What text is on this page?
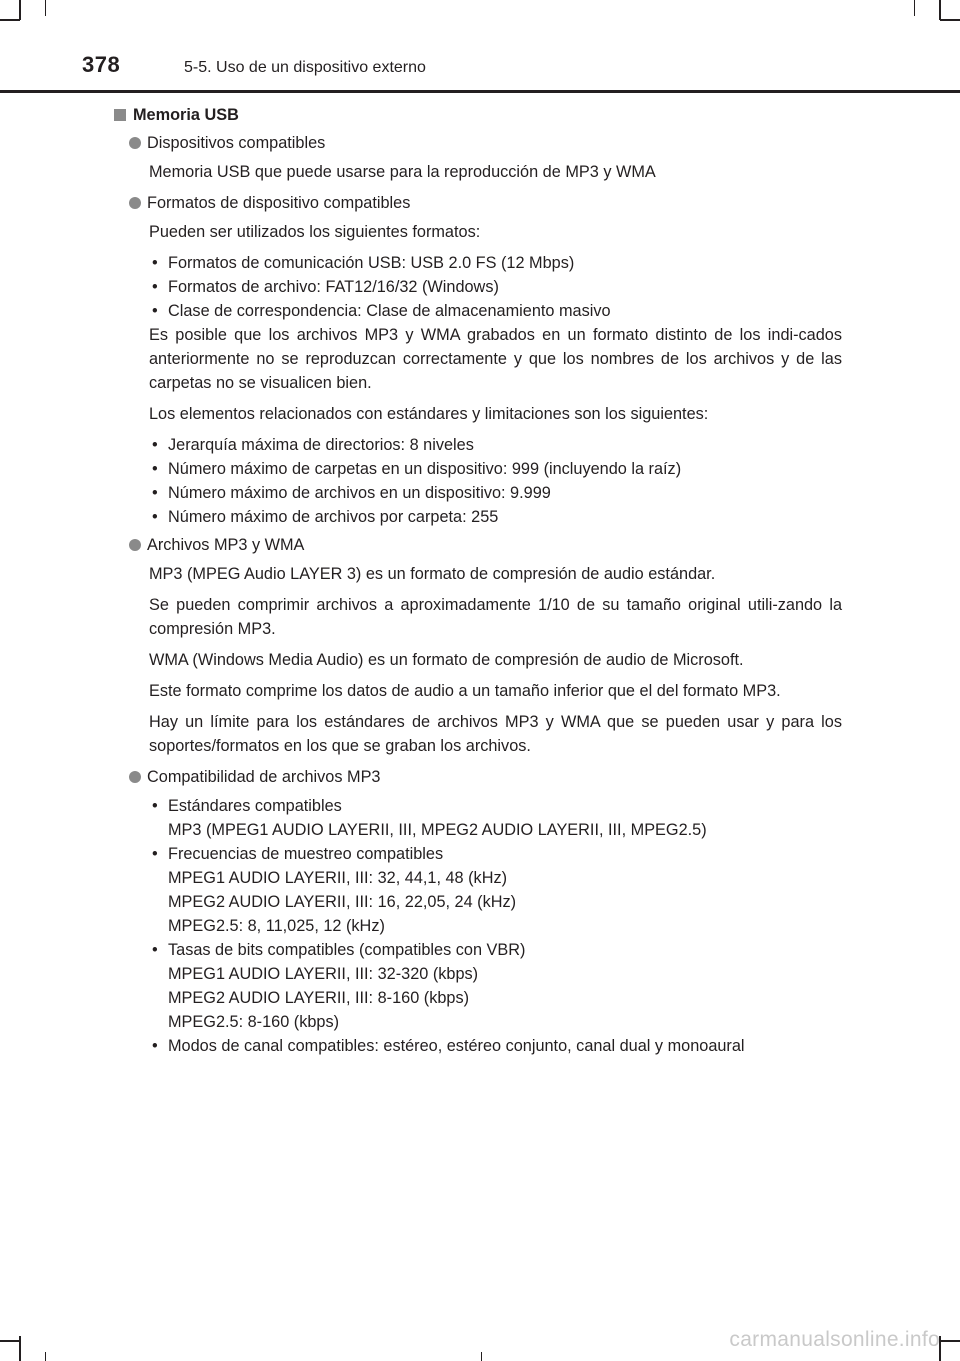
378	5-5. Uso de un dispositivo externo
Memoria USB
Dispositivos compatibles
Memoria USB que puede usarse para la reproducción de MP3 y WMA
Formatos de dispositivo compatibles
Pueden ser utilizados los siguientes formatos:
• Formatos de comunicación USB: USB 2.0 FS (12 Mbps)
• Formatos de archivo: FAT12/16/32 (Windows)
• Clase de correspondencia: Clase de almacenamiento masivo
Es posible que los archivos MP3 y WMA grabados en un formato distinto de los indi-cados anteriormente no se reproduzcan correctamente y que los nombres de los archivos y de las carpetas no se visualicen bien.
Los elementos relacionados con estándares y limitaciones son los siguientes:
• Jerarquía máxima de directorios: 8 niveles
• Número máximo de carpetas en un dispositivo: 999 (incluyendo la raíz)
• Número máximo de archivos en un dispositivo: 9.999
• Número máximo de archivos por carpeta: 255
Archivos MP3 y WMA
MP3 (MPEG Audio LAYER 3) es un formato de compresión de audio estándar.
Se pueden comprimir archivos a aproximadamente 1/10 de su tamaño original utili-zando la compresión MP3.
WMA (Windows Media Audio) es un formato de compresión de audio de Microsoft.
Este formato comprime los datos de audio a un tamaño inferior que el del formato MP3.
Hay un límite para los estándares de archivos MP3 y WMA que se pueden usar y para los soportes/formatos en los que se graban los archivos.
Compatibilidad de archivos MP3
• Estándares compatibles
MP3 (MPEG1 AUDIO LAYERII, III, MPEG2 AUDIO LAYERII, III, MPEG2.5)
• Frecuencias de muestreo compatibles
MPEG1 AUDIO LAYERII, III: 32, 44,1, 48 (kHz)
MPEG2 AUDIO LAYERII, III: 16, 22,05, 24 (kHz)
MPEG2.5: 8, 11,025, 12 (kHz)
• Tasas de bits compatibles (compatibles con VBR)
MPEG1 AUDIO LAYERII, III: 32-320 (kbps)
MPEG2 AUDIO LAYERII, III: 8-160 (kbps)
MPEG2.5: 8-160 (kbps)
• Modos de canal compatibles: estéreo, estéreo conjunto, canal dual y monoaural
carmanualsonline.info
